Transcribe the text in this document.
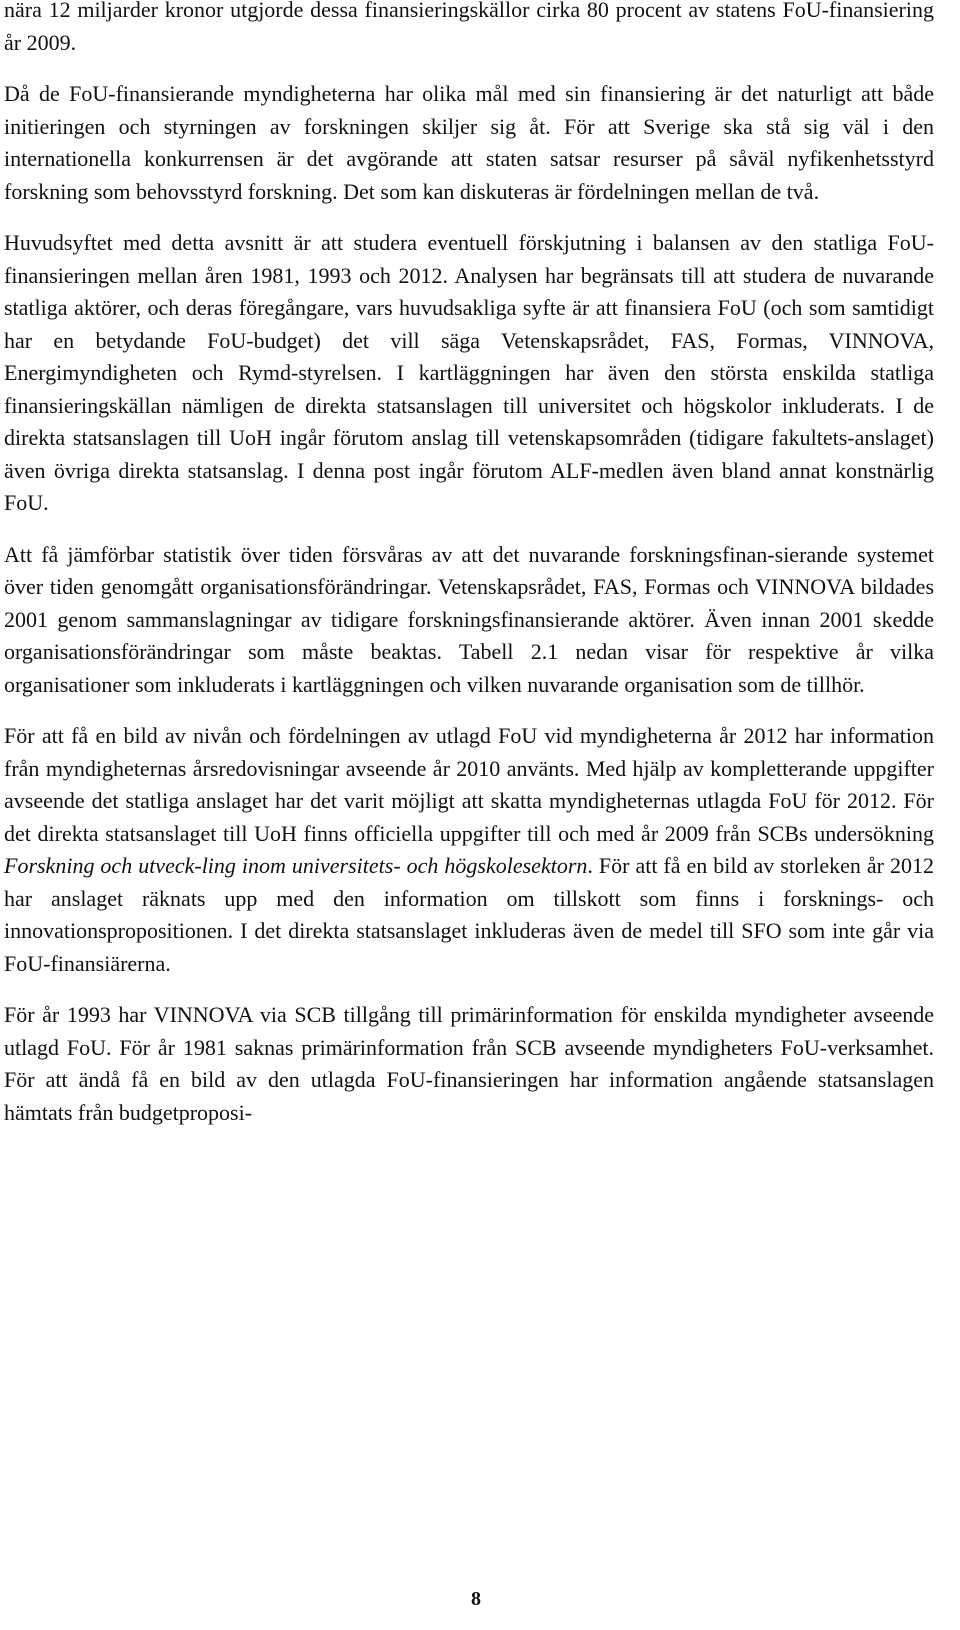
nära 12 miljarder kronor utgjorde dessa finansieringskällor cirka 80 procent av statens FoU-finansiering år 2009.

Då de FoU-finansierande myndigheterna har olika mål med sin finansiering är det naturligt att både initieringen och styrningen av forskningen skiljer sig åt. För att Sverige ska stå sig väl i den internationella konkurrensen är det avgörande att staten satsar resurser på såväl nyfikenhetsstyrd forskning som behovsstyrd forskning. Det som kan diskuteras är fördelningen mellan de två.

Huvudsyftet med detta avsnitt är att studera eventuell förskjutning i balansen av den statliga FoU-finansieringen mellan åren 1981, 1993 och 2012. Analysen har begränsats till att studera de nuvarande statliga aktörer, och deras föregångare, vars huvudsakliga syfte är att finansiera FoU (och som samtidigt har en betydande FoU-budget) det vill säga Vetenskapsrådet, FAS, Formas, VINNOVA, Energimyndigheten och Rymd-styrelsen. I kartläggningen har även den största enskilda statliga finansieringskällan nämligen de direkta statsanslagen till universitet och högskolor inkluderats. I de direkta statsanslagen till UoH ingår förutom anslag till vetenskapsområden (tidigare fakultets-anslaget) även övriga direkta statsanslag. I denna post ingår förutom ALF-medlen även bland annat konstnärlig FoU.

Att få jämförbar statistik över tiden försvåras av att det nuvarande forskningsfinan-sierande systemet över tiden genomgått organisationsförändringar. Vetenskapsrådet, FAS, Formas och VINNOVA bildades 2001 genom sammanslagningar av tidigare forskningsfinansierande aktörer. Även innan 2001 skedde organisationsförändringar som måste beaktas. Tabell 2.1 nedan visar för respektive år vilka organisationer som inkluderats i kartläggningen och vilken nuvarande organisation som de tillhör.

För att få en bild av nivån och fördelningen av utlagd FoU vid myndigheterna år 2012 har information från myndigheternas årsredovisningar avseende år 2010 använts. Med hjälp av kompletterande uppgifter avseende det statliga anslaget har det varit möjligt att skatta myndigheternas utlagda FoU för 2012. För det direkta statsanslaget till UoH finns officiella uppgifter till och med år 2009 från SCBs undersökning Forskning och utveck-ling inom universitets- och högskolesektorn. För att få en bild av storleken år 2012 har anslaget räknats upp med den information om tillskott som finns i forsknings- och innovationspropositionen. I det direkta statsanslaget inkluderas även de medel till SFO som inte går via FoU-finansiärerna.

För år 1993 har VINNOVA via SCB tillgång till primärinformation för enskilda myndigheter avseende utlagd FoU. För år 1981 saknas primärinformation från SCB avseende myndigheters FoU-verksamhet. För att ändå få en bild av den utlagda FoU-finansieringen har information angående statsanslagen hämtats från budgetproposi-

8
